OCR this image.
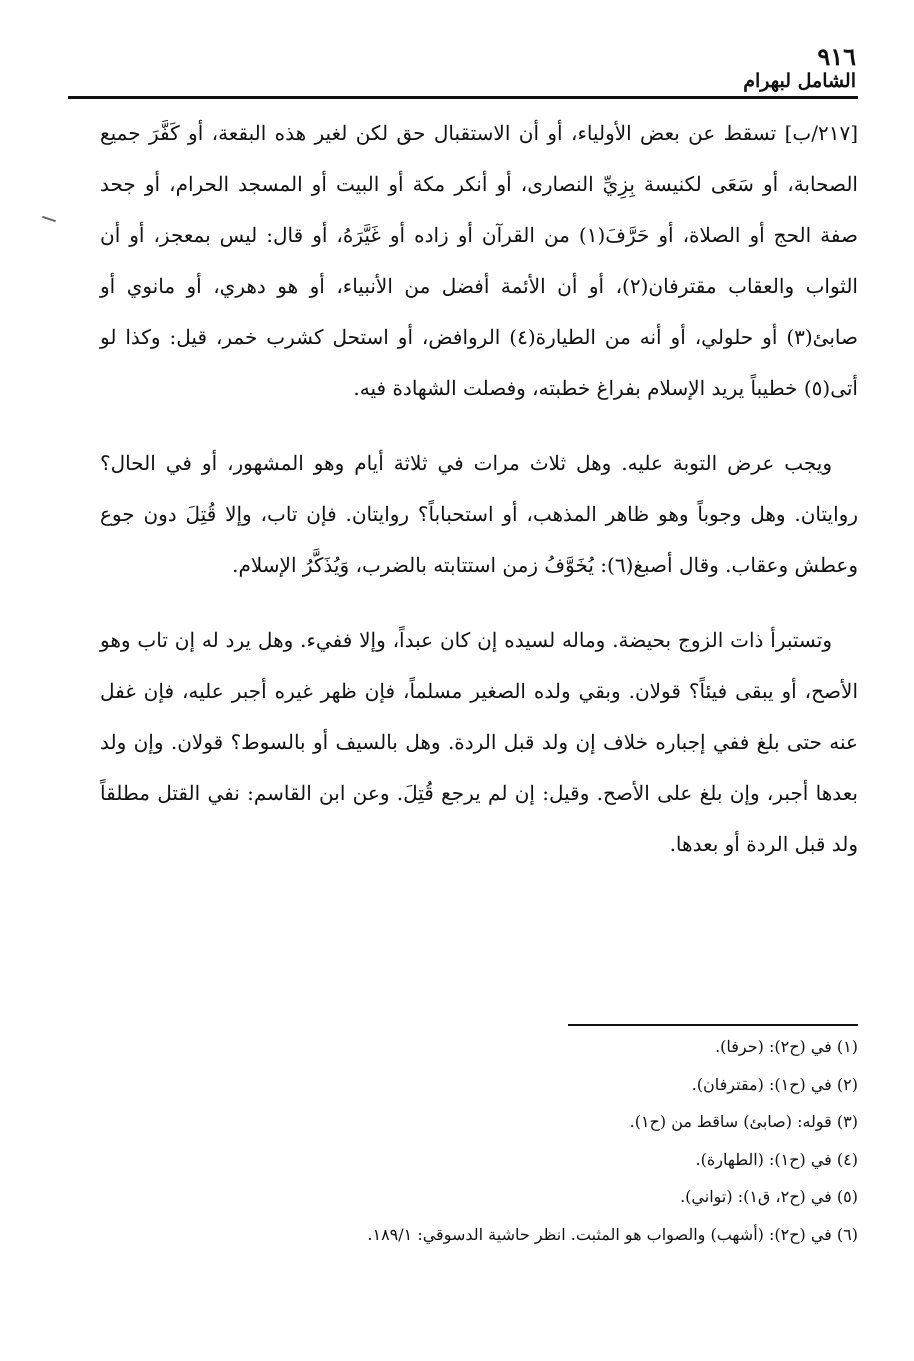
٩١٦
الشامل لبهرام

[٢١٧/ب] تسقط عن بعض الأولياء، أو أن الاستقبال حق لكن لغير هذه البقعة، أو كَفَّرَ جميع الصحابة، أو سَعَى لكنيسة بِزِيِّ النصارى، أو أنكر مكة أو البيت أو المسجد الحرام، أو جحد صفة الحج أو الصلاة، أو حَرَّفَ(١) من القرآن أو زاده أو غَيَّرَهُ، أو قال: ليس بمعجز، أو أن الثواب والعقاب مقترفان(٢)، أو أن الأئمة أفضل من الأنبياء، أو هو دهري، أو مانوي أو صابئ(٣) أو حلولي، أو أنه من الطيارة(٤) الروافض، أو استحل كشرب خمر، قيل: وكذا لو أتى(٥) خطيباً يريد الإسلام بفراغ خطبته، وفصلت الشهادة فيه.

ويجب عرض التوبة عليه. وهل ثلاث مرات في ثلاثة أيام وهو المشهور، أو في الحال؟ روايتان. وهل وجوباً وهو ظاهر المذهب، أو استحباباً؟ روايتان. فإن تاب، وإلا قُتِلَ دون جوع وعطش وعقاب. وقال أصبغ(٦): يُخَوَّفُ زمن استتابته بالضرب، وَيُذَكَّرُ الإسلام.

وتستبرأ ذات الزوج بحيضة. وماله لسيده إن كان عبداً، وإلا ففيء. وهل يرد له إن تاب وهو الأصح، أو يبقى فيئاً؟ قولان. وبقي ولده الصغير مسلماً، فإن ظهر غيره أجبر عليه، فإن غفل عنه حتى بلغ ففي إجباره خلاف إن ولد قبل الردة. وهل بالسيف أو بالسوط؟ قولان. وإن ولد بعدها أجبر، وإن بلغ على الأصح. وقيل: إن لم يرجع قُتِلَ. وعن ابن القاسم: نفي القتل مطلقاً ولد قبل الردة أو بعدها.

(١) في (ح٢): (حرفا).

(٢) في (ح١): (مقترفان).

(٣) قوله: (صابئ) ساقط من (ح١).

(٤) في (ح١): (الطهارة).

(٥) في (ح٢، ق١): (تواني).

(٦) في (ح٢): (أشهب) والصواب هو المثبت. انظر حاشية الدسوقي: ١٨٩/١.
